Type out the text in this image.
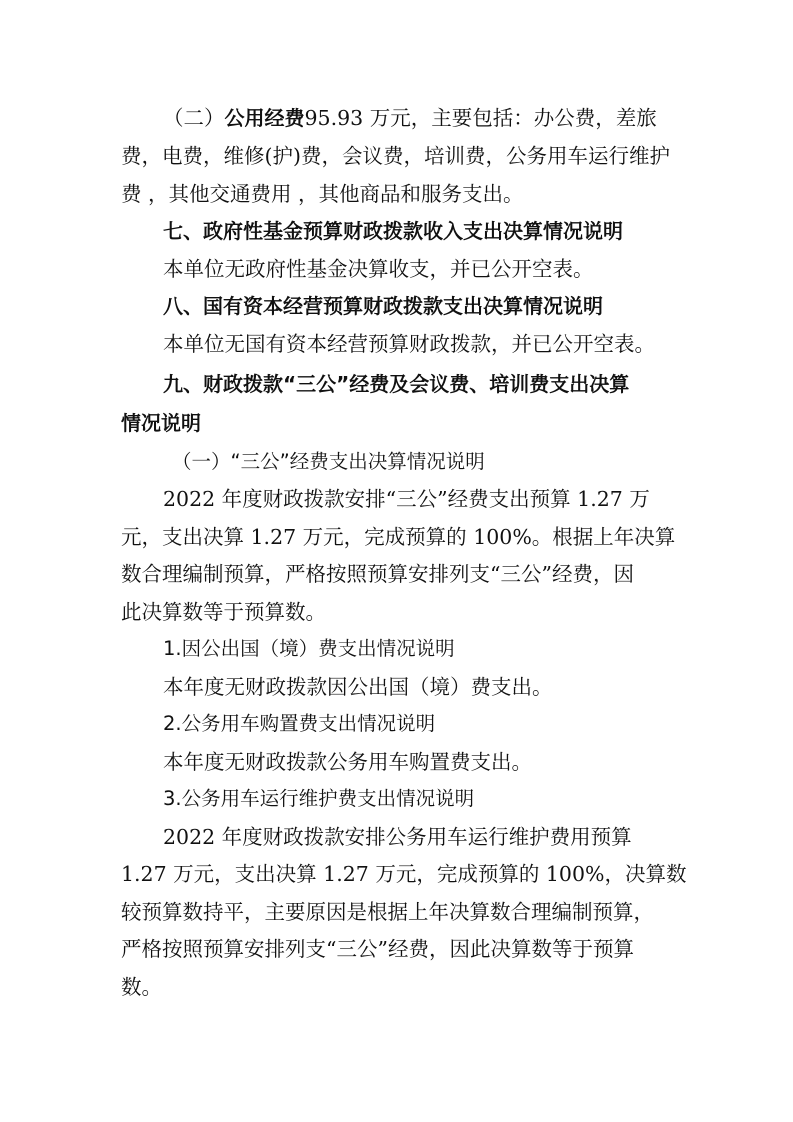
（二）公用经费95.93 万元，主要包括：办公费，差旅
费，电费，维修(护)费，会议费，培训费，公务用车运行维护
费 ，其他交通费用 ，其他商品和服务支出。
七、政府性基金预算财政拨款收入支出决算情况说明
本单位无政府性基金决算收支，并已公开空表。
八、国有资本经营预算财政拨款支出决算情况说明
本单位无国有资本经营预算财政拨款，并已公开空表。
九、财政拨款“三公”经费及会议费、培训费支出决算
情况说明
（一）“三公”经费支出决算情况说明
2022 年度财政拨款安排“三公”经费支出预算 1.27 万
元，支出决算 1.27 万元，完成预算的 100%。根据上年决算
数合理编制预算，严格按照预算安排列支“三公”经费，因
此决算数等于预算数。
1.因公出国（境）费支出情况说明
本年度无财政拨款因公出国（境）费支出。
2.公务用车购置费支出情况说明
本年度无财政拨款公务用车购置费支出。
3.公务用车运行维护费支出情况说明
2022 年度财政拨款安排公务用车运行维护费用预算
1.27 万元，支出决算 1.27 万元，完成预算的 100%，决算数
较预算数持平，主要原因是根据上年决算数合理编制预算，
严格按照预算安排列支“三公”经费，因此决算数等于预算
数。
